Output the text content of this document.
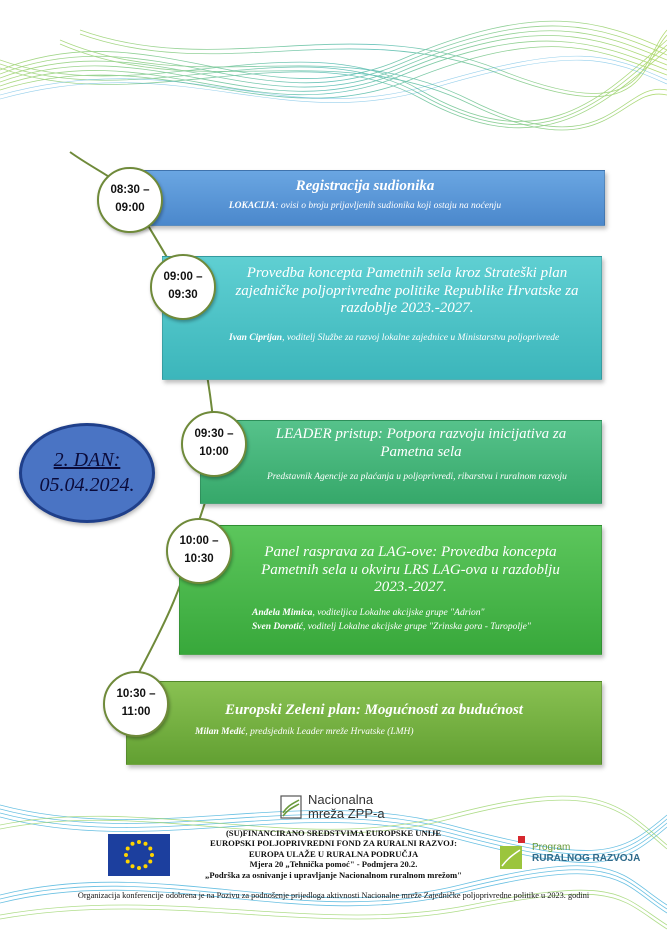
Registracija sudionika
LOKACIJA: ovisi o broju prijavljenih sudionika koji ostaju na noćenju
08:30 –
09:00
Provedba koncepta Pametnih sela kroz Strateški plan zajedničke poljoprivredne politike Republike Hrvatske za razdoblje 2023.-2027.
Ivan Ciprijan, voditelj Službe za razvoj lokalne zajednice u Ministarstvu poljoprivrede
09:00 –
09:30
LEADER pristup: Potpora razvoju inicijativa za Pametna sela
Predstavnik Agencije za plaćanja u poljoprivredi, ribarstvu i ruralnom razvoju
09:30 –
10:00
2. DAN:
05.04.2024.
Panel rasprava za LAG-ove: Provedba koncepta Pametnih sela u okviru LRS LAG-ova u razdoblju 2023.-2027.
Anđela Mimica, voditeljica Lokalne akcijske grupe "Adrion"
Sven Dorotić, voditelj Lokalne akcijske grupe "Zrinska gora - Turopolje"
10:00 –
10:30
Europski Zeleni plan: Mogućnosti za budućnost
Milan Medić, predsjednik Leader mreže Hrvatske (LMH)
10:30 –
11:00
Nacionalna
mreža ZPP-a
(SU)FINANCIRANO SREDSTVIMA EUROPSKE UNIJE
EUROPSKI POLJOPRIVREDNI FOND ZA RURALNI RAZVOJ:
EUROPA ULAŽE U RURALNA PODRUČJA
Mjera 20 „Tehnička pomoć" - Podmjera 20.2.
„Podrška za osnivanje i upravljanje Nacionalnom ruralnom mrežom"
Program
RURALNOG RAZVOJA
Organizacija konferencije odobrena je na Pozivu za podnošenje prijedloga aktivnosti Nacionalne mreže Zajedničke poljoprivredne politike u 2023. godini
